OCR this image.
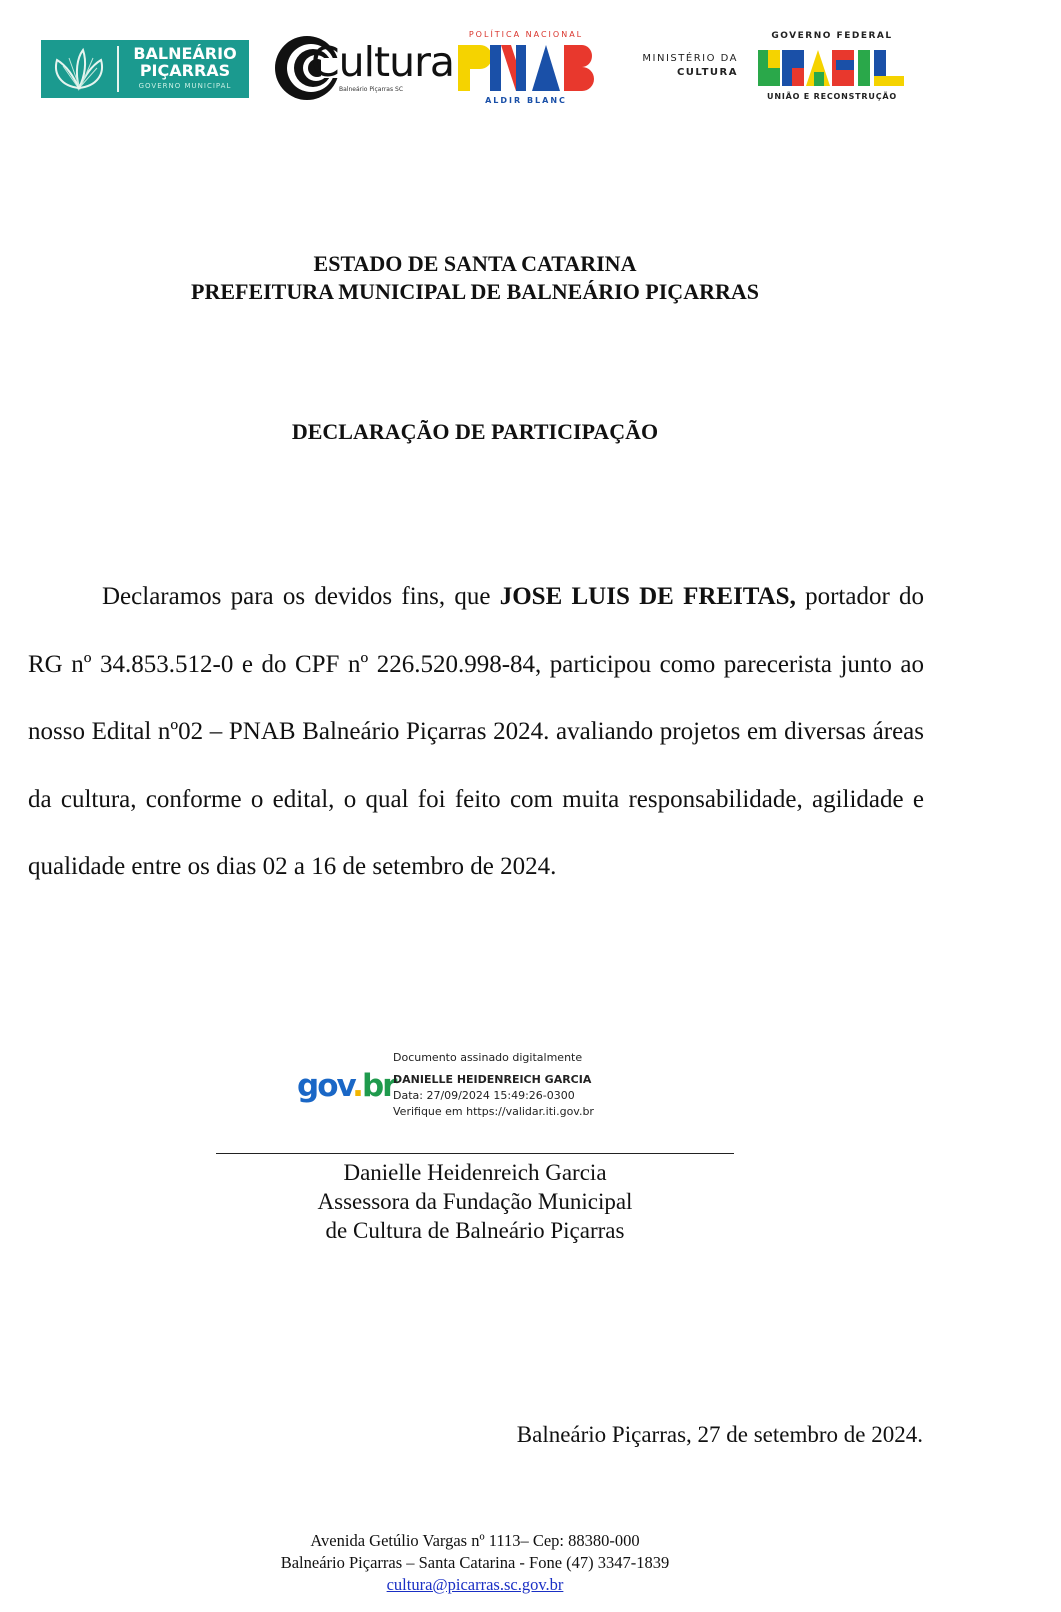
BALNEÁRIO
PIÇARRAS
GOVERNO MUNICIPAL	Cultura
Balneário Piçarras SC
POLÍTICA NACIONAL
ALDIR BLANC
MINISTÉRIO DA
CULTURA
GOVERNO FEDERAL
UNIÃO E RECONSTRUÇÃO
ESTADO DE SANTA CATARINA
PREFEITURA MUNICIPAL DE BALNEÁRIO PIÇARRAS
DECLARAÇÃO DE PARTICIPAÇÃO
Declaramos para os devidos fins, que JOSE LUIS DE FREITAS, portador do RG nº 34.853.512-0 e do CPF nº 226.520.998-84, participou como parecerista junto ao nosso Edital nº02 – PNAB Balneário Piçarras 2024. avaliando projetos em diversas áreas da cultura, conforme o edital, o qual foi feito com muita responsabilidade, agilidade e qualidade entre os dias 02 a 16 de setembro de 2024.
gov.br
Documento assinado digitalmente
DANIELLE HEIDENREICH GARCIA
Data: 27/09/2024 15:49:26-0300
Verifique em https://validar.iti.gov.br
Danielle Heidenreich Garcia
Assessora da Fundação Municipal
de Cultura de Balneário Piçarras
Balneário Piçarras, 27 de setembro de 2024.
Avenida Getúlio Vargas nº 1113– Cep: 88380-000
Balneário Piçarras – Santa Catarina - Fone (47) 3347-1839
cultura@picarras.sc.gov.br
